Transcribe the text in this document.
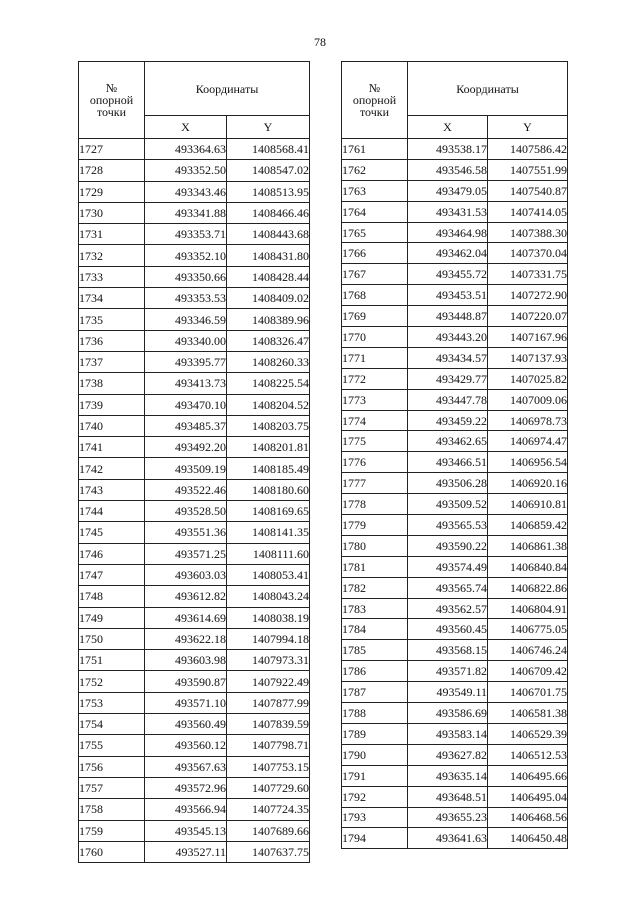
78
№
опорной
точки	Координаты	
	X	Y
1727	493364.63	1408568.41
1728	493352.50	1408547.02
1729	493343.46	1408513.95
1730	493341.88	1408466.46
1731	493353.71	1408443.68
1732	493352.10	1408431.80
1733	493350.66	1408428.44
1734	493353.53	1408409.02
1735	493346.59	1408389.96
1736	493340.00	1408326.47
1737	493395.77	1408260.33
1738	493413.73	1408225.54
1739	493470.10	1408204.52
1740	493485.37	1408203.75
1741	493492.20	1408201.81
1742	493509.19	1408185.49
1743	493522.46	1408180.60
1744	493528.50	1408169.65
1745	493551.36	1408141.35
1746	493571.25	1408111.60
1747	493603.03	1408053.41
1748	493612.82	1408043.24
1749	493614.69	1408038.19
1750	493622.18	1407994.18
1751	493603.98	1407973.31
1752	493590.87	1407922.49
1753	493571.10	1407877.99
1754	493560.49	1407839.59
1755	493560.12	1407798.71
1756	493567.63	1407753.15
1757	493572.96	1407729.60
1758	493566.94	1407724.35
1759	493545.13	1407689.66
1760	493527.11	1407637.75
№
опорной
точки	Координаты	
	X	Y
1761	493538.17	1407586.42
1762	493546.58	1407551.99
1763	493479.05	1407540.87
1764	493431.53	1407414.05
1765	493464.98	1407388.30
1766	493462.04	1407370.04
1767	493455.72	1407331.75
1768	493453.51	1407272.90
1769	493448.87	1407220.07
1770	493443.20	1407167.96
1771	493434.57	1407137.93
1772	493429.77	1407025.82
1773	493447.78	1407009.06
1774	493459.22	1406978.73
1775	493462.65	1406974.47
1776	493466.51	1406956.54
1777	493506.28	1406920.16
1778	493509.52	1406910.81
1779	493565.53	1406859.42
1780	493590.22	1406861.38
1781	493574.49	1406840.84
1782	493565.74	1406822.86
1783	493562.57	1406804.91
1784	493560.45	1406775.05
1785	493568.15	1406746.24
1786	493571.82	1406709.42
1787	493549.11	1406701.75
1788	493586.69	1406581.38
1789	493583.14	1406529.39
1790	493627.82	1406512.53
1791	493635.14	1406495.66
1792	493648.51	1406495.04
1793	493655.23	1406468.56
1794	493641.63	1406450.48
